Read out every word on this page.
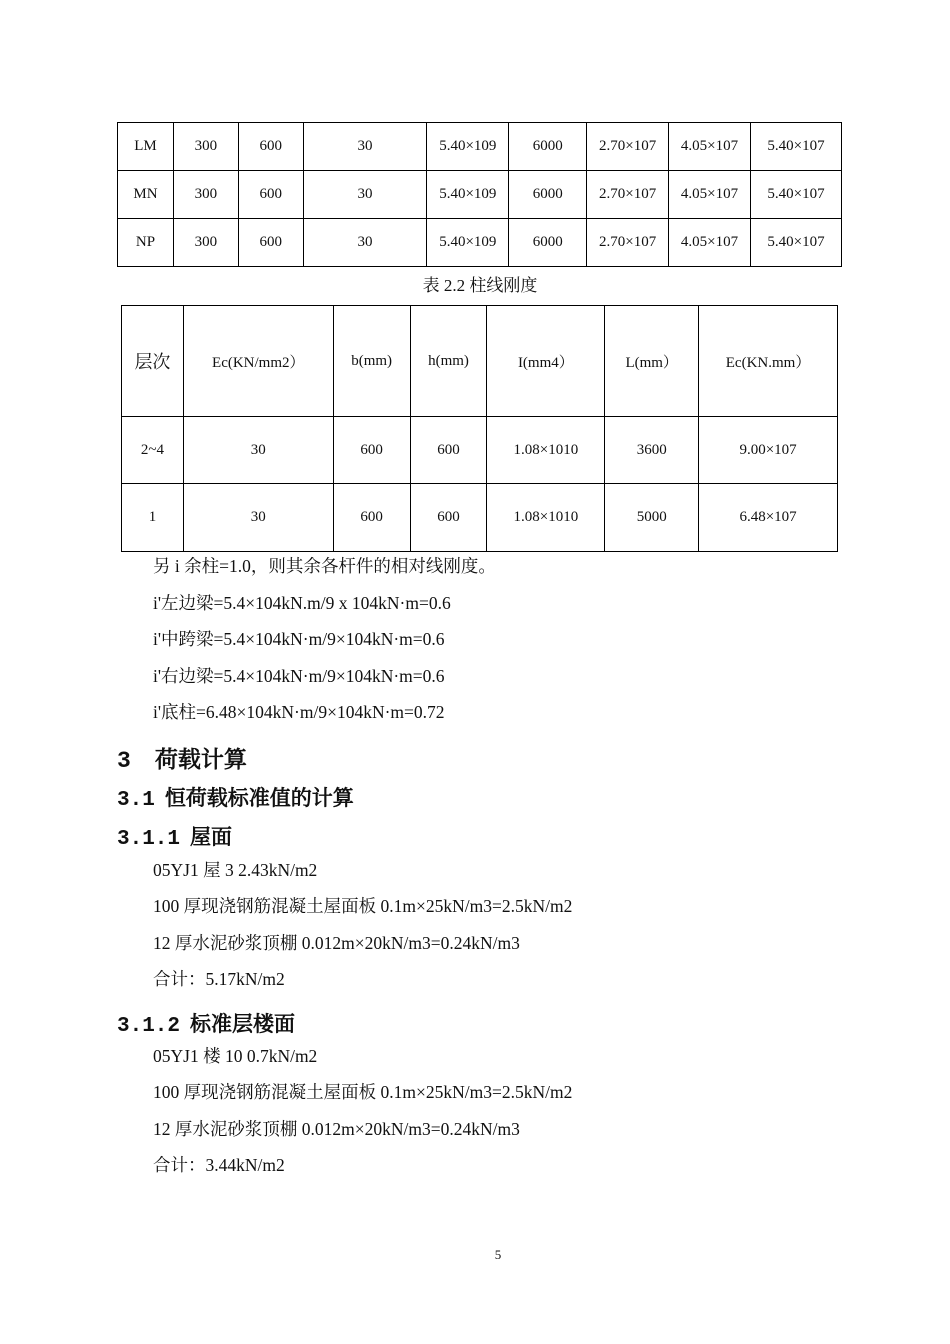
LM	300	600	30	5.40×109	6000	2.70×107	4.05×107	5.40×107
MN	300	600	30	5.40×109	6000	2.70×107	4.05×107	5.40×107
NP	300	600	30	5.40×109	6000	2.70×107	4.05×107	5.40×107
表 2.2 柱线刚度
层次	Ec(KN/mm2）	b(mm)	h(mm)	I(mm4）	L(mm）	Ec(KN.mm）
2~4	30	600	600	1.08×1010	3600	9.00×107
1	30	600	600	1.08×1010	5000	6.48×107
另 i 余柱=1.0，则其余各杆件的相对线刚度。
i'左边梁=5.4×104kN.m/9 x 104kN·m=0.6
i'中跨梁=5.4×104kN·m/9×104kN·m=0.6
i'右边梁=5.4×104kN·m/9×104kN·m=0.6
i'底柱=6.48×104kN·m/9×104kN·m=0.72
3 荷载计算
3.1 恒荷载标准值的计算
3.1.1 屋面
05YJ1 屋 3 2.43kN/m2
100 厚现浇钢筋混凝土屋面板 0.1m×25kN/m3=2.5kN/m2
12 厚水泥砂浆顶棚 0.012m×20kN/m3=0.24kN/m3
合计：5.17kN/m2
3.1.2 标准层楼面
05YJ1 楼 10 0.7kN/m2
100 厚现浇钢筋混凝土屋面板 0.1m×25kN/m3=2.5kN/m2
12 厚水泥砂浆顶棚 0.012m×20kN/m3=0.24kN/m3
合计：3.44kN/m2
5
